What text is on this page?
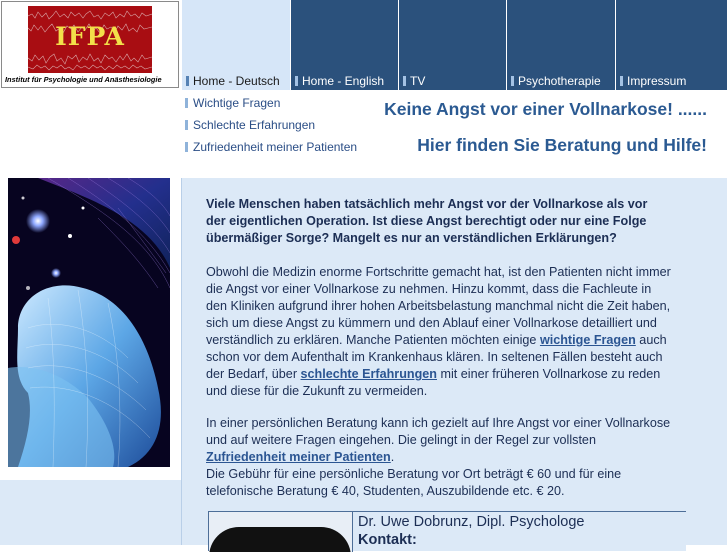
IFPA
Institut für Psychologie und Anästhesiologie	Home - Deutsch	Home - English	TV	Psychotherapie	Impressum
Wichtige Fragen
Schlechte Erfahrungen
Zufriedenheit meiner Patienten
Keine Angst vor einer Vollnarkose! ......
Hier finden Sie Beratung und Hilfe!
Viele Menschen haben tatsächlich mehr Angst vor der Vollnarkose als vor
der eigentlichen Operation. Ist diese Angst berechtigt oder nur eine Folge
übermäßiger Sorge? Mangelt es nur an verständlichen Erklärungen?
Obwohl die Medizin enorme Fortschritte gemacht hat, ist den Patienten nicht immer
die Angst vor einer Vollnarkose zu nehmen. Hinzu kommt, dass die Fachleute in
den Kliniken aufgrund ihrer hohen Arbeitsbelastung manchmal nicht die Zeit haben,
sich um diese Angst zu kümmern und den Ablauf einer Vollnarkose detailliert und
verständlich zu erklären. Manche Patienten möchten einige wichtige Fragen auch
schon vor dem Aufenthalt im Krankenhaus klären. In seltenen Fällen besteht auch
der Bedarf, über schlechte Erfahrungen mit einer früheren Vollnarkose zu reden
und diese für die Zukunft zu vermeiden.
In einer persönlichen Beratung kann ich gezielt auf Ihre Angst vor einer Vollnarkose
und auf weitere Fragen eingehen. Die gelingt in der Regel zur vollsten
Zufriedenheit meiner Patienten.
Die Gebühr für eine persönliche Beratung vor Ort beträgt € 60 und für eine
telefonische Beratung € 40, Studenten, Auszubildende etc. € 20.
Dr. Uwe Dobrunz, Dipl. Psychologe
Kontakt:
